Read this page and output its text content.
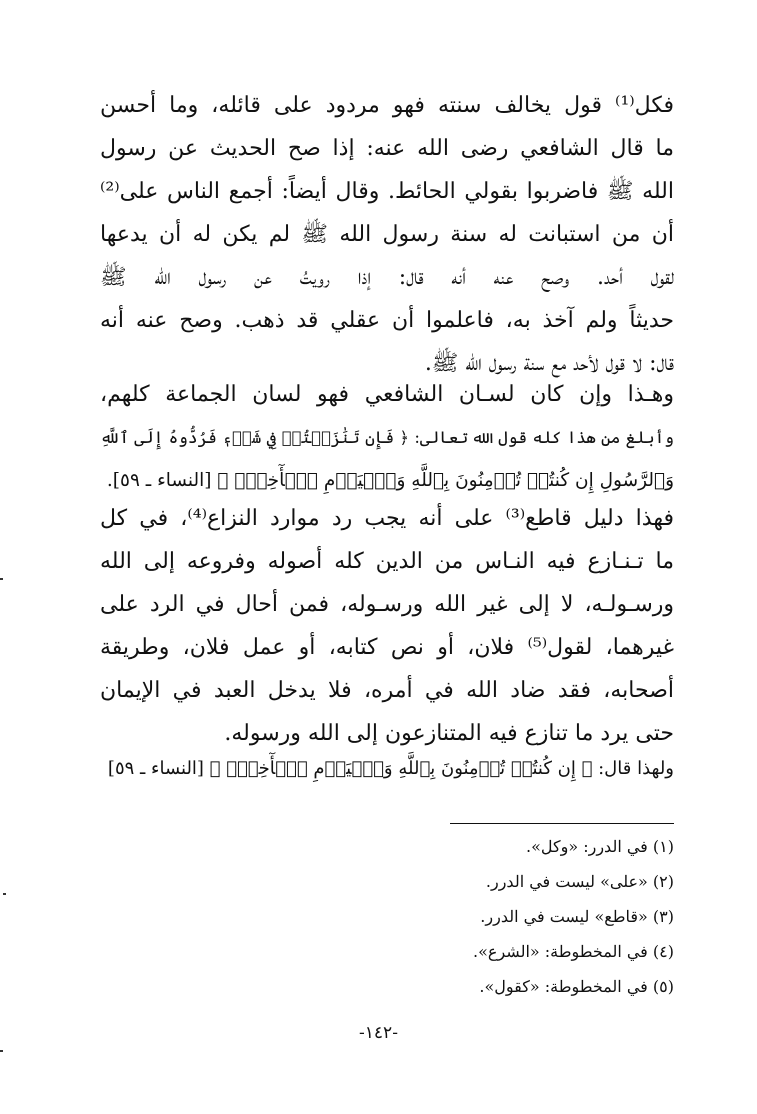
فكل⁽¹⁾ قول يخالف سنته فهو مردود على قائله، وما أحسن
ما قال الشافعي رضى الله عنه: إذا صح الحديث عن رسول
الله ﷺ فاضربوا بقولي الحائط. وقال أيضاً: أجمع الناس على⁽²⁾
أن من استبانت له سنة رسول الله ﷺ لم يكن له أن يدعها
لقول أحد. وصح عنه أنه قال: إذا رويتُ عن رسول الله ﷺ
حديثاً ولم آخذ به، فاعلموا أن عقلي قد ذهب. وصح عنه أنه
قال: لا قول لأحد مع سنة رسول الله ﷺ.
وهـذا وإن كان لسـان الشافعي فهو لسان الجماعة كلهم،
وأبلغ من هذا كله قول الله تعالى: ﴿ فَإِن تَنَٰزَعۡتُمۡ فِي شَيۡءٖ فَرُدُّوهُ إِلَى ٱللَّهِ
وَٱلرَّسُولِ إِن كُنتُمۡ تُؤۡمِنُونَ بِٱللَّهِ وَٱلۡيَوۡمِ ٱلۡأٓخِرِۚ ﴾ [النساء ـ ٥٩].
فهذا دليل قاطع⁽³⁾ على أنه يجب رد موارد النزاع⁽⁴⁾، في كل
ما تـنـازع فيه النـاس من الدين كله أصوله وفروعه إلى الله
ورسـولـه، لا إلى غير الله ورسـوله، فمن أحال في الرد على
غيرهما، لقول⁽⁵⁾ فلان، أو نص كتابه، أو عمل فلان، وطريقة
أصحابه، فقد ضاد الله في أمره، فلا يدخل العبد في الإيمان
حتى يرد ما تنازع فيه المتنازعون إلى الله ورسوله.
ولهذا قال: ﴿ إِن كُنتُمۡ تُؤۡمِنُونَ بِٱللَّهِ وَٱلۡيَوۡمِ ٱلۡأٓخِرِۚ ﴾ [النساء ـ ٥٩]
(١) في الدرر: «وكل».
(٢) «على» ليست في الدرر.
(٣) «قاطع» ليست في الدرر.
(٤) في المخطوطة: «الشرع».
(٥) في المخطوطة: «كقول».
-١٤٢-
